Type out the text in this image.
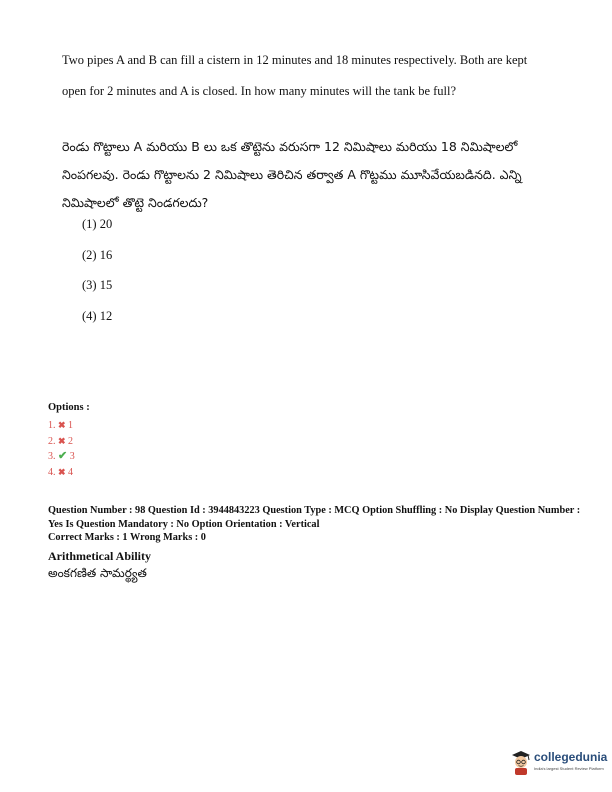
Two pipes A and B can fill a cistern in 12 minutes and 18 minutes respectively. Both are kept open for 2 minutes and A is closed. In how many minutes will the tank be full?
రెండు గొట్టాలు A మరియు B లు ఒక తొట్టెను వరుసగా 12 నిమిషాలు మరియు 18 నిమిషాలలో నింపగలవు. రెండు గొట్టాలను 2 నిమిషాలు తెరిచిన తర్వాత A గొట్టము మూసివేయబడినది. ఎన్ని నిమిషాలలో తొట్టె నిండగలదు?
(1) 20
(2) 16
(3) 15
(4) 12
Options :
1. ✖ 1
2. ✖ 2
3. ✔ 3
4. ✖ 4
Question Number : 98 Question Id : 3944843223 Question Type : MCQ Option Shuffling : No Display Question Number : Yes Is Question Mandatory : No Option Orientation : Vertical
Correct Marks : 1 Wrong Marks : 0
Arithmetical Ability
అంకగణిత సామర్థ్యత
collegedunia
India's largest Student Review Platform
